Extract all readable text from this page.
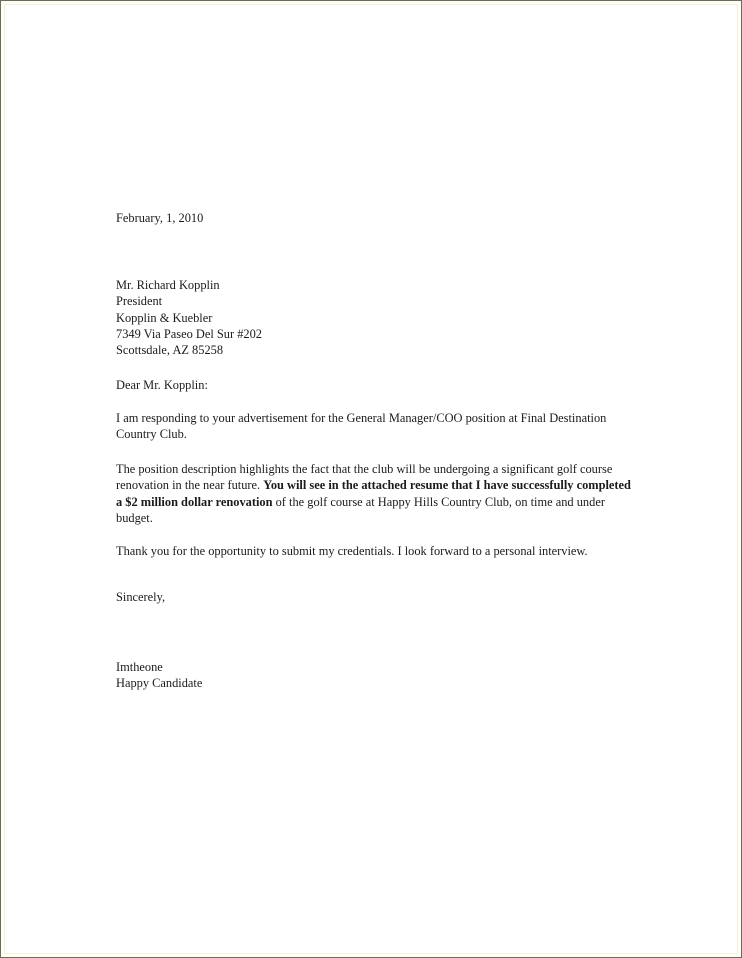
February, 1, 2010
Mr. Richard Kopplin
President
Kopplin & Kuebler
7349 Via Paseo Del Sur #202
Scottsdale, AZ 85258
Dear Mr. Kopplin:
I am responding to your advertisement for the General Manager/COO position at Final Destination Country Club.
The position description highlights the fact that the club will be undergoing a significant golf course renovation in the near future. You will see in the attached resume that I have successfully completed a $2 million dollar renovation of the golf course at Happy Hills Country Club, on time and under budget.
Thank you for the opportunity to submit my credentials. I look forward to a personal interview.
Sincerely,
Imtheone
Happy Candidate
